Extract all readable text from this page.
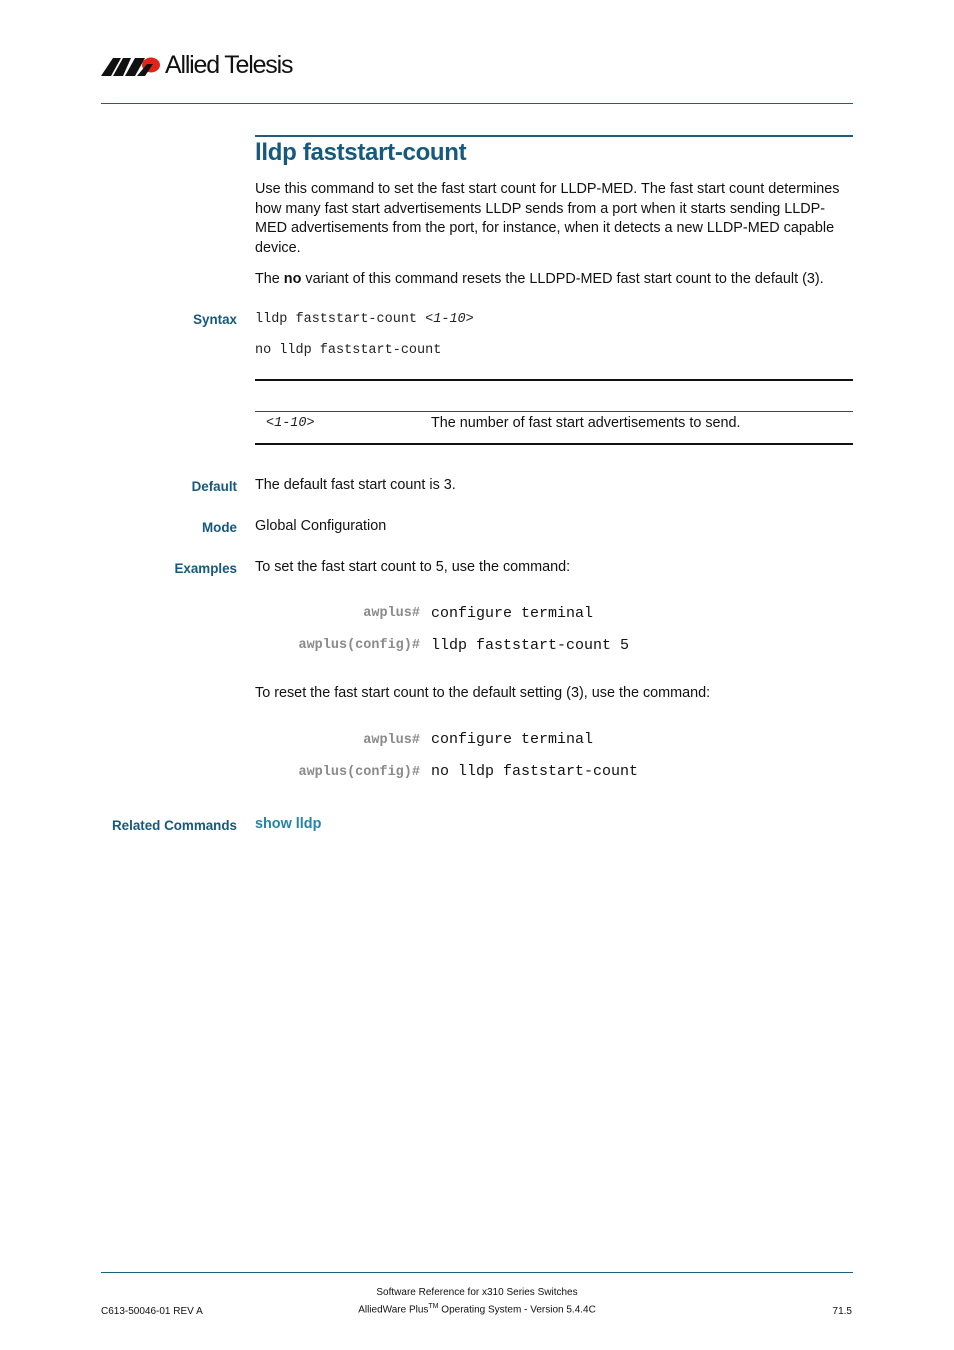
Allied Telesis
lldp faststart-count
Use this command to set the fast start count for LLDP-MED. The fast start count determines how many fast start advertisements LLDP sends from a port when it starts sending LLDP-MED advertisements from the port, for instance, when it detects a new LLDP-MED capable device.
The no variant of this command resets the LLDPD-MED fast start count to the default (3).
Syntax lldp faststart-count <1-10>
no lldp faststart-count
<1-10>	The number of fast start advertisements to send.
Default The default fast start count is 3.
Mode Global Configuration
Examples To set the fast start count to 5, use the command:
awplus# configure terminal
awplus(config)# lldp faststart-count 5
To reset the fast start count to the default setting (3), use the command:
awplus# configure terminal
awplus(config)# no lldp faststart-count
Related Commands show lldp
Software Reference for x310 Series Switches
AlliedWare Plus™ Operating System - Version 5.4.4C
C613-50046-01 REV A	71.5
